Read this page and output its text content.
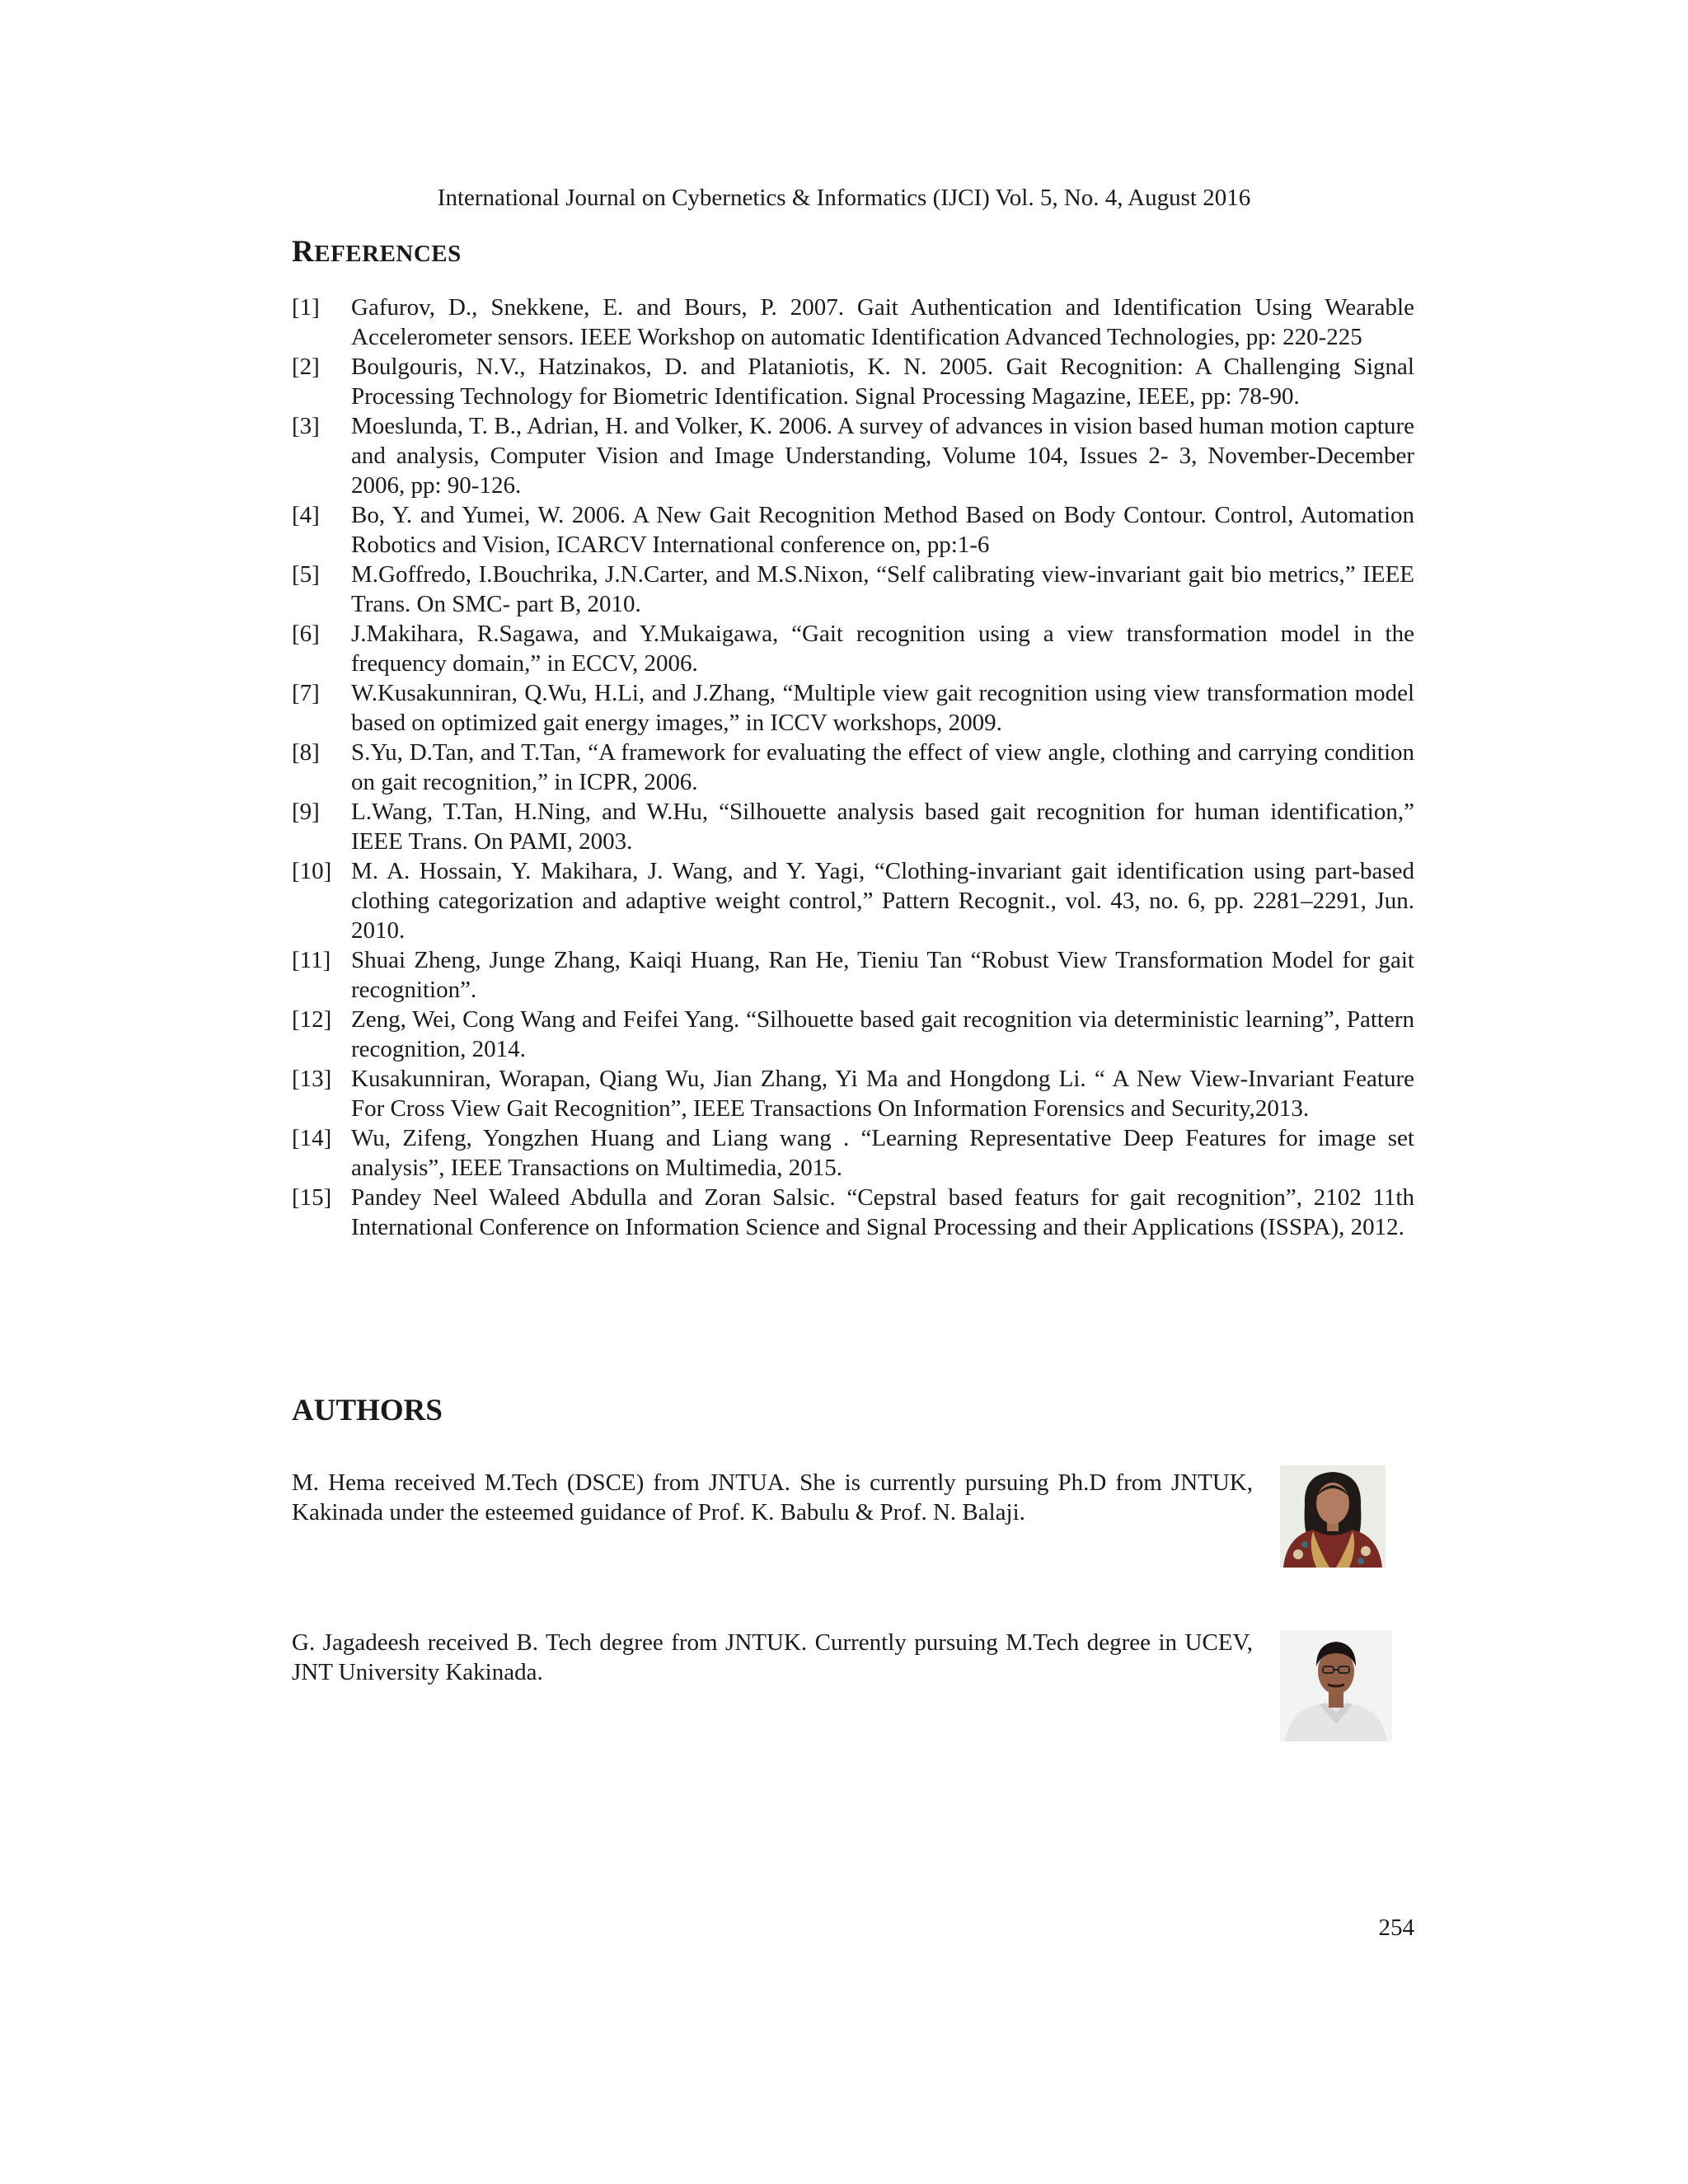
International Journal on Cybernetics & Informatics (IJCI) Vol. 5, No. 4, August 2016
REFERENCES
[1]	Gafurov, D., Snekkene, E. and Bours, P. 2007. Gait Authentication and Identification Using Wearable Accelerometer sensors. IEEE Workshop on automatic Identification Advanced Technologies, pp: 220-225
[2]	Boulgouris, N.V., Hatzinakos, D. and Plataniotis, K. N. 2005. Gait Recognition: A Challenging Signal Processing Technology for Biometric Identification. Signal Processing Magazine, IEEE, pp: 78-90.
[3]	Moeslunda, T. B., Adrian, H. and Volker, K. 2006. A survey of advances in vision based human motion capture and analysis, Computer Vision and Image Understanding, Volume 104, Issues 2- 3, November-December 2006, pp: 90-126.
[4]	Bo, Y. and Yumei, W. 2006. A New Gait Recognition Method Based on Body Contour. Control, Automation Robotics and Vision, ICARCV International conference on, pp:1-6
[5]	M.Goffredo, I.Bouchrika, J.N.Carter, and M.S.Nixon, “Self calibrating view-invariant gait bio metrics,” IEEE Trans. On SMC- part B, 2010.
[6]	J.Makihara, R.Sagawa, and Y.Mukaigawa, “Gait recognition using a view transformation model in the frequency domain,” in ECCV, 2006.
[7]	W.Kusakunniran, Q.Wu, H.Li, and J.Zhang, “Multiple view gait recognition using view transformation model based on optimized gait energy images,” in ICCV workshops, 2009.
[8]	S.Yu, D.Tan, and T.Tan, “A framework for evaluating the effect of view angle, clothing and carrying condition on gait recognition,” in ICPR, 2006.
[9]	L.Wang, T.Tan, H.Ning, and W.Hu, “Silhouette analysis based gait recognition for human identification,” IEEE Trans. On PAMI, 2003.
[10] M. A. Hossain, Y. Makihara, J. Wang, and Y. Yagi, “Clothing-invariant gait identification using part-based clothing categorization and adaptive weight control,” Pattern Recognit., vol. 43, no. 6, pp. 2281–2291, Jun. 2010.
[11] Shuai Zheng, Junge Zhang, Kaiqi Huang, Ran He, Tieniu Tan “Robust View Transformation Model for gait recognition”.
[12] Zeng, Wei, Cong Wang and Feifei Yang. “Silhouette based gait recognition via deterministic learning”, Pattern recognition, 2014.
[13] Kusakunniran, Worapan, Qiang Wu, Jian Zhang, Yi Ma and Hongdong Li. “ A New View-Invariant Feature For Cross View Gait Recognition”, IEEE Transactions On Information Forensics and Security,2013.
[14] Wu, Zifeng, Yongzhen Huang and Liang wang . “Learning Representative Deep Features for image set analysis”, IEEE Transactions on Multimedia, 2015.
[15] Pandey Neel Waleed Abdulla and Zoran Salsic. “Cepstral based featurs for gait recognition”, 2102 11th International Conference on Information Science and Signal Processing and their Applications (ISSPA), 2012.
AUTHORS
M. Hema received M.Tech (DSCE) from JNTUA. She is currently pursuing Ph.D from JNTUK, Kakinada under the esteemed guidance of Prof. K. Babulu & Prof. N. Balaji.
G. Jagadeesh received B. Tech degree from JNTUK. Currently pursuing M.Tech degree in UCEV, JNT University Kakinada.
254
